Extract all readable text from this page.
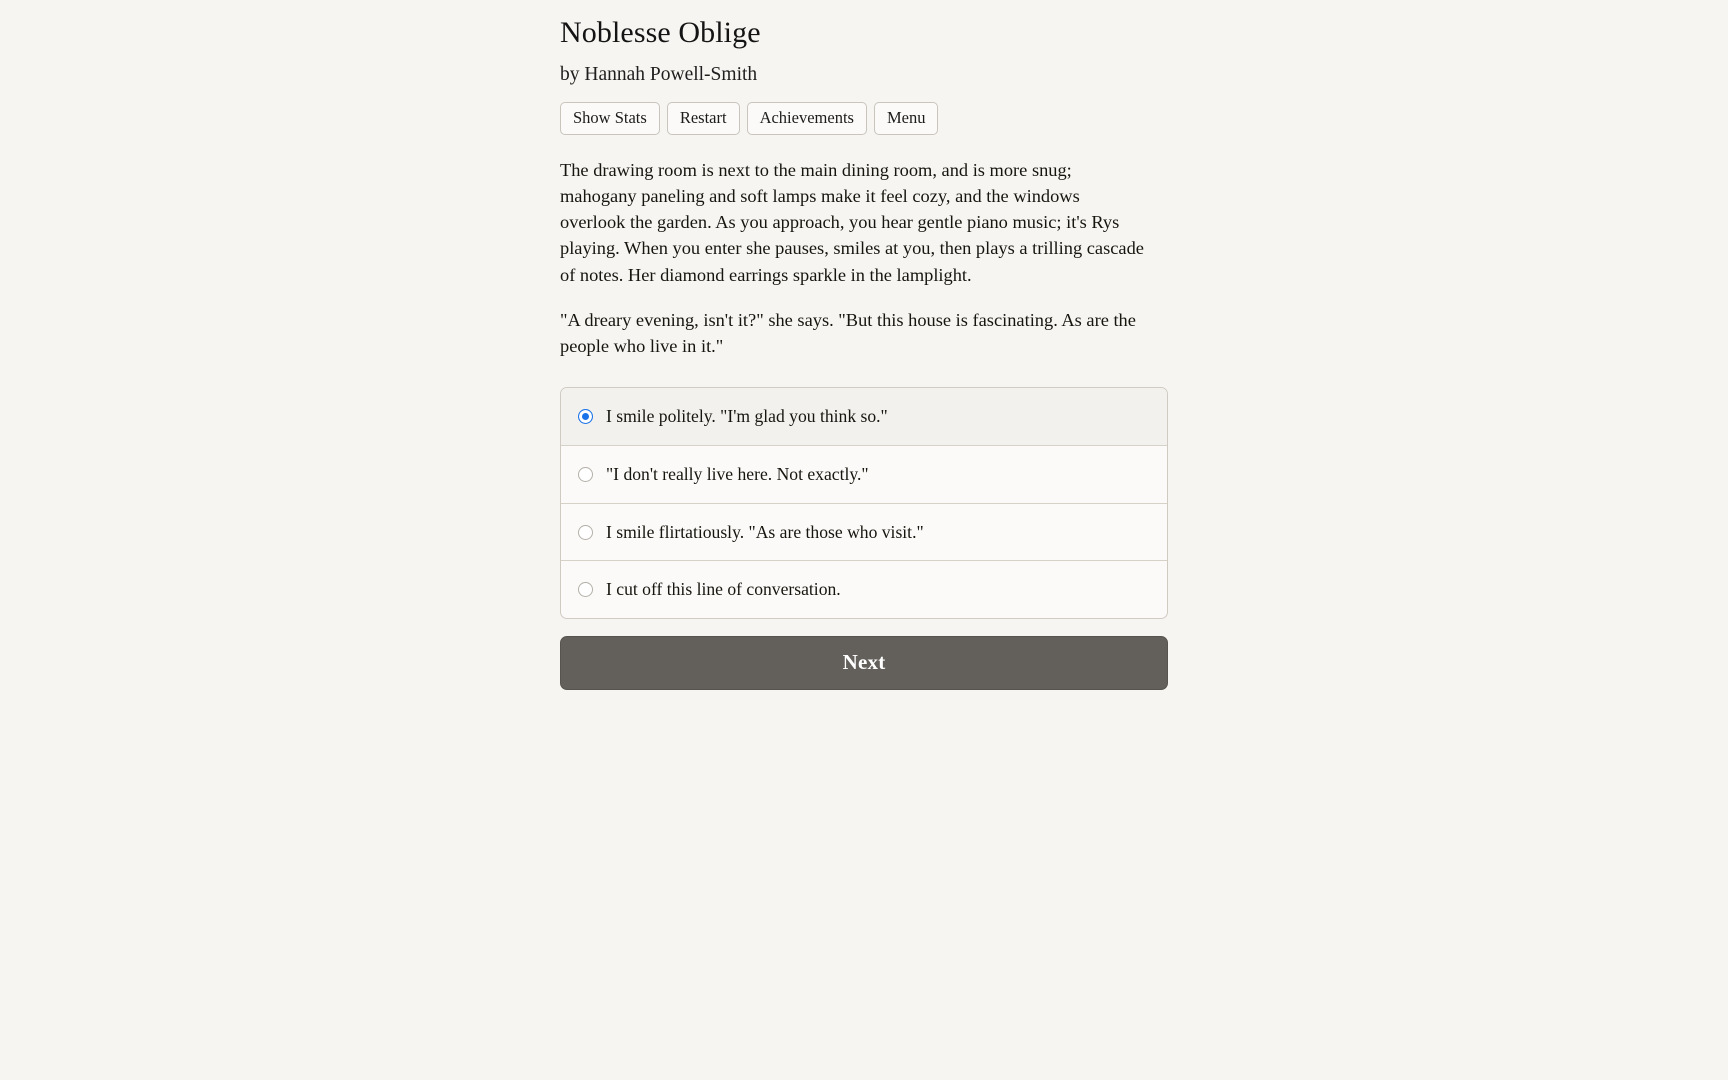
Noblesse Oblige
by Hannah Powell-Smith
Show Stats	Restart	Achievements	Menu

The drawing room is next to the main dining room, and is more snug; mahogany paneling and soft lamps make it feel cozy, and the windows overlook the garden. As you approach, you hear gentle piano music; it's Rys playing. When you enter she pauses, smiles at you, then plays a trilling cascade of notes. Her diamond earrings sparkle in the lamplight.

"A dreary evening, isn't it?" she says. "But this house is fascinating. As are the people who live in it."

I smile politely. "I'm glad you think so."
"I don't really live here. Not exactly."
I smile flirtatiously. "As are those who visit."
I cut off this line of conversation.
Next
